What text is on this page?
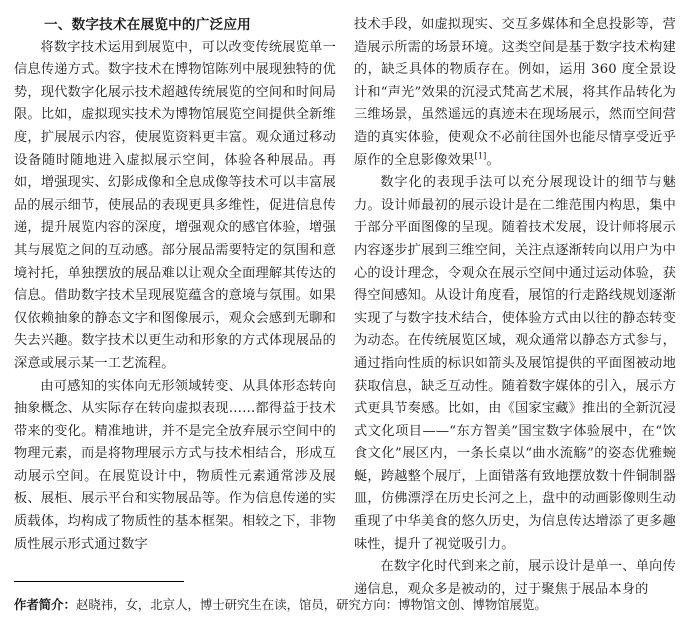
一、数字技术在展览中的广泛应用

将数字技术运用到展览中，可以改变传统展览单一信息传递方式。数字技术在博物馆陈列中展现独特的优势，现代数字化展示技术超越传统展览的空间和时间局限。比如，虚拟现实技术为博物馆展览空间提供全新维度，扩展展示内容，使展览资料更丰富。观众通过移动设备随时随地进入虚拟展示空间，体验各种展品。再如，增强现实、幻影成像和全息成像等技术可以丰富展品的展示细节，使展品的表现更具多维性，促进信息传递，提升展览内容的深度，增强观众的感官体验，增强其与展览之间的互动感。部分展品需要特定的氛围和意境衬托，单独摆放的展品难以让观众全面理解其传达的信息。借助数字技术呈现展览蕴含的意境与氛围。如果仅依赖抽象的静态文字和图像展示，观众会感到无聊和失去兴趣。数字技术以更生动和形象的方式体现展品的深意或展示某一工艺流程。

由可感知的实体向无形领域转变、从具体形态转向抽象概念、从实际存在转向虚拟表现……都得益于技术带来的变化。精准地讲，并不是完全放弃展示空间中的物理元素，而是将物理展示方式与技术相结合，形成互动展示空间。在展览设计中，物质性元素通常涉及展板、展柜、展示平台和实物展品等。作为信息传递的实质载体，均构成了物质性的基本框架。相较之下，非物质性展示形式通过数字

技术手段，如虚拟现实、交互多媒体和全息投影等，营造展示所需的场景环境。这类空间是基于数字技术构建的，缺乏具体的物质存在。例如，运用 360 度全景设计和“声光”效果的沉浸式梵高艺术展，将其作品转化为三维场景，虽然遥远的真迹未在现场展示，然而空间营造的真实体验，使观众不必前往国外也能尽情享受近乎原作的全息影像效果[1]。

数字化的表现手法可以充分展现设计的细节与魅力。设计师最初的展示设计是在二维范围内构思，集中于部分平面图像的呈现。随着技术发展，设计师将展示内容逐步扩展到三维空间，关注点逐渐转向以用户为中心的设计理念，令观众在展示空间中通过运动体验，获得空间感知。从设计角度看，展馆的行走路线规划逐渐实现了与数字技术结合，使体验方式由以往的静态转变为动态。在传统展览区域，观众通常以静态方式参与，通过指向性质的标识如箭头及展馆提供的平面图被动地获取信息，缺乏互动性。随着数字媒体的引入，展示方式更具节奏感。比如，由《国家宝藏》推出的全新沉浸式文化项目——“东方智美”国宝数字体验展中，在“饮食文化”展区内，一条长桌以“曲水流觞”的姿态优雅蜿蜒，跨越整个展厅，上面错落有致地摆放数十件铜制器皿，仿佛漂浮在历史长河之上，盘中的动画影像则生动重现了中华美食的悠久历史，为信息传达增添了更多趣味性，提升了视觉吸引力。

在数字化时代到来之前，展示设计是单一、单向传递信息，观众多是被动的，过于聚焦于展品本身的

作者简介：赵晓祎，女，北京人，博士研究生在读，馆员，研究方向：博物馆文创、博物馆展览。
